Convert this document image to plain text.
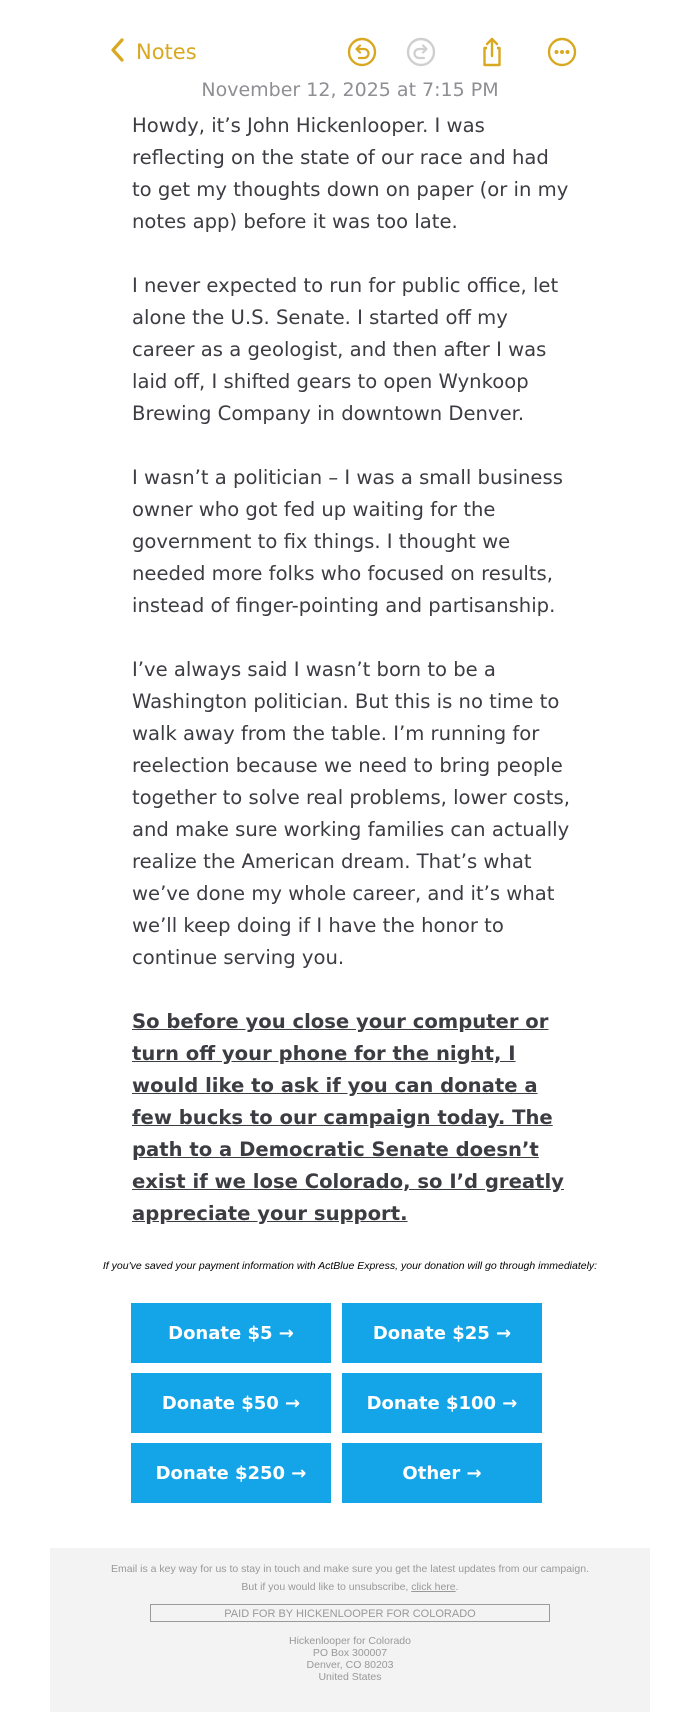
Notes
November 12, 2025 at 7:15 PM

Howdy, it’s John Hickenlooper. I was reflecting on the state of our race and had to get my thoughts down on paper (or in my notes app) before it was too late.

I never expected to run for public office, let alone the U.S. Senate. I started off my career as a geologist, and then after I was laid off, I shifted gears to open Wynkoop Brewing Company in downtown Denver.

I wasn’t a politician – I was a small business owner who got fed up waiting for the government to fix things. I thought we needed more folks who focused on results, instead of finger-pointing and partisanship.

I’ve always said I wasn’t born to be a Washington politician. But this is no time to walk away from the table. I’m running for reelection because we need to bring people together to solve real problems, lower costs, and make sure working families can actually realize the American dream. That’s what we’ve done my whole career, and it’s what we’ll keep doing if I have the honor to continue serving you.

So before you close your computer or turn off your phone for the night, I would like to ask if you can donate a few bucks to our campaign today. The path to a Democratic Senate doesn’t exist if we lose Colorado, so I’d greatly appreciate your support.

If you've saved your payment information with ActBlue Express, your donation will go through immediately:
Donate $5 →	Donate $25 →
Donate $50 →	Donate $100 →
Donate $250 →	Other →
Email is a key way for us to stay in touch and make sure you get the latest updates from our campaign. But if you would like to unsubscribe, click here.
PAID FOR BY HICKENLOOPER FOR COLORADO
Hickenlooper for Colorado
PO Box 300007
Denver, CO 80203
United States
